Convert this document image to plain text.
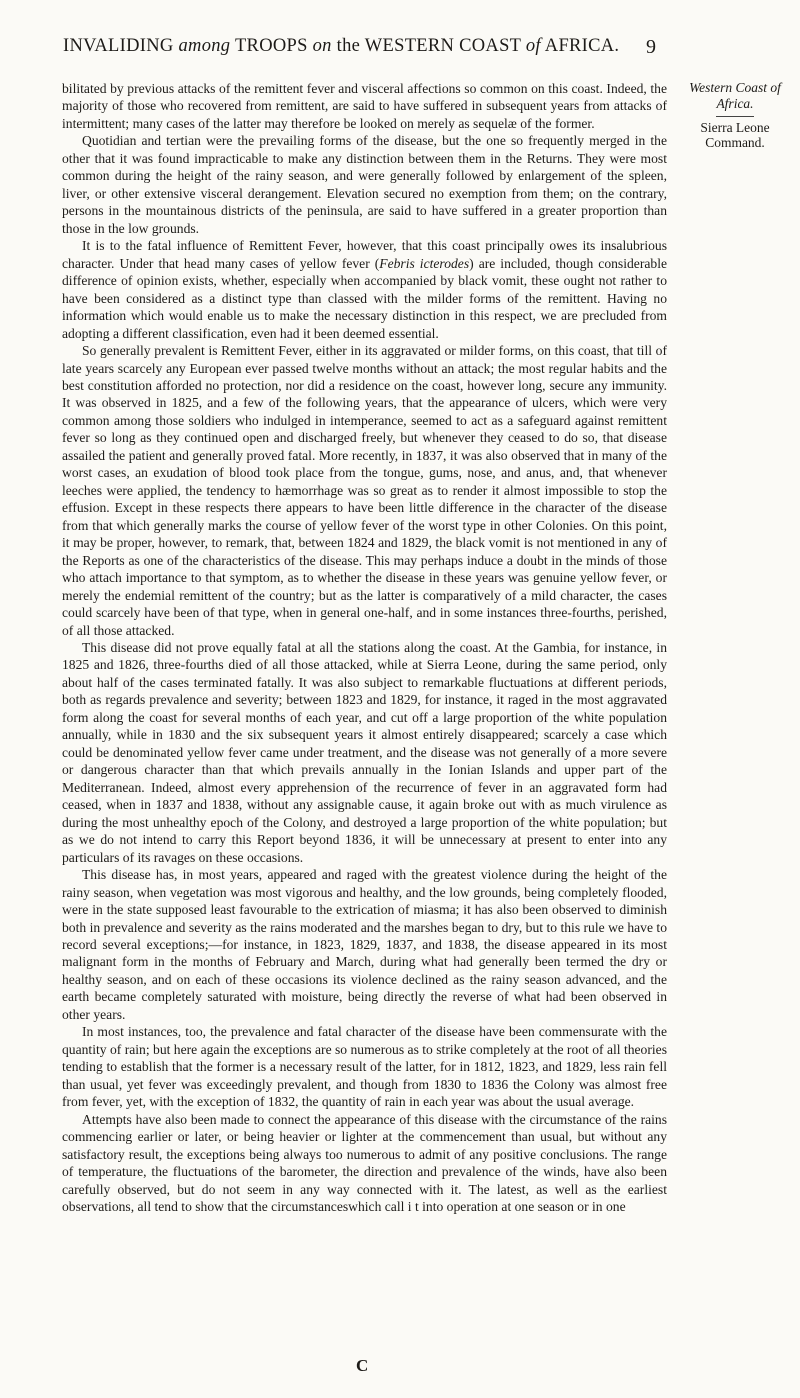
INVALIDING among TROOPS on the WESTERN COAST of AFRICA. 9
Western Coast of Africa.
Sierra Leone Command.

bilitated by previous attacks of the remittent fever and visceral affections so common on this coast. Indeed, the majority of those who recovered from remittent, are said to have suffered in subsequent years from attacks of intermittent; many cases of the latter may therefore be looked on merely as sequelæ of the former.

Quotidian and tertian were the prevailing forms of the disease, but the one so frequently merged in the other that it was found impracticable to make any distinction between them in the Returns. They were most common during the height of the rainy season, and were generally followed by enlargement of the spleen, liver, or other extensive visceral derangement. Elevation secured no exemption from them; on the contrary, persons in the mountainous districts of the peninsula, are said to have suffered in a greater proportion than those in the low grounds.

It is to the fatal influence of Remittent Fever, however, that this coast principally owes its insalubrious character. Under that head many cases of yellow fever (Febris icterodes) are included, though considerable difference of opinion exists, whether, especially when accompanied by black vomit, these ought not rather to have been considered as a distinct type than classed with the milder forms of the remittent. Having no information which would enable us to make the necessary distinction in this respect, we are precluded from adopting a different classification, even had it been deemed essential.

So generally prevalent is Remittent Fever, either in its aggravated or milder forms, on this coast, that till of late years scarcely any European ever passed twelve months without an attack; the most regular habits and the best constitution afforded no protection, nor did a residence on the coast, however long, secure any immunity. It was observed in 1825, and a few of the following years, that the appearance of ulcers, which were very common among those soldiers who indulged in intemperance, seemed to act as a safeguard against remittent fever so long as they continued open and discharged freely, but whenever they ceased to do so, that disease assailed the patient and generally proved fatal. More recently, in 1837, it was also observed that in many of the worst cases, an exudation of blood took place from the tongue, gums, nose, and anus, and, that whenever leeches were applied, the tendency to hæmorrhage was so great as to render it almost impossible to stop the effusion. Except in these respects there appears to have been little difference in the character of the disease from that which generally marks the course of yellow fever of the worst type in other Colonies. On this point, it may be proper, however, to remark, that, between 1824 and 1829, the black vomit is not mentioned in any of the Reports as one of the characteristics of the disease. This may perhaps induce a doubt in the minds of those who attach importance to that symptom, as to whether the disease in these years was genuine yellow fever, or merely the endemial remittent of the country; but as the latter is comparatively of a mild character, the cases could scarcely have been of that type, when in general one-half, and in some instances three-fourths, perished, of all those attacked.

This disease did not prove equally fatal at all the stations along the coast. At the Gambia, for instance, in 1825 and 1826, three-fourths died of all those attacked, while at Sierra Leone, during the same period, only about half of the cases terminated fatally. It was also subject to remarkable fluctuations at different periods, both as regards prevalence and severity; between 1823 and 1829, for instance, it raged in the most aggravated form along the coast for several months of each year, and cut off a large proportion of the white population annually, while in 1830 and the six subsequent years it almost entirely disappeared; scarcely a case which could be denominated yellow fever came under treatment, and the disease was not generally of a more severe or dangerous character than that which prevails annually in the Ionian Islands and upper part of the Mediterranean. Indeed, almost every apprehension of the recurrence of fever in an aggravated form had ceased, when in 1837 and 1838, without any assignable cause, it again broke out with as much virulence as during the most unhealthy epoch of the Colony, and destroyed a large proportion of the white population; but as we do not intend to carry this Report beyond 1836, it will be unnecessary at present to enter into any particulars of its ravages on these occasions.

This disease has, in most years, appeared and raged with the greatest violence during the height of the rainy season, when vegetation was most vigorous and healthy, and the low grounds, being completely flooded, were in the state supposed least favourable to the extrication of miasma; it has also been observed to diminish both in prevalence and severity as the rains moderated and the marshes began to dry, but to this rule we have to record several exceptions;—for instance, in 1823, 1829, 1837, and 1838, the disease appeared in its most malignant form in the months of February and March, during what had generally been termed the dry or healthy season, and on each of these occasions its violence declined as the rainy season advanced, and the earth became completely saturated with moisture, being directly the reverse of what had been observed in other years.

In most instances, too, the prevalence and fatal character of the disease have been commensurate with the quantity of rain; but here again the exceptions are so numerous as to strike completely at the root of all theories tending to establish that the former is a necessary result of the latter, for in 1812, 1823, and 1829, less rain fell than usual, yet fever was exceedingly prevalent, and though from 1830 to 1836 the Colony was almost free from fever, yet, with the exception of 1832, the quantity of rain in each year was about the usual average.

Attempts have also been made to connect the appearance of this disease with the circumstance of the rains commencing earlier or later, or being heavier or lighter at the commencement than usual, but without any satisfactory result, the exceptions being always too numerous to admit of any positive conclusions. The range of temperature, the fluctuations of the barometer, the direction and prevalence of the winds, have also been carefully observed, but do not seem in any way connected with it. The latest, as well as the earliest observations, all tend to show that the circumstanceswhich call i t into operation at one season or in one

C
